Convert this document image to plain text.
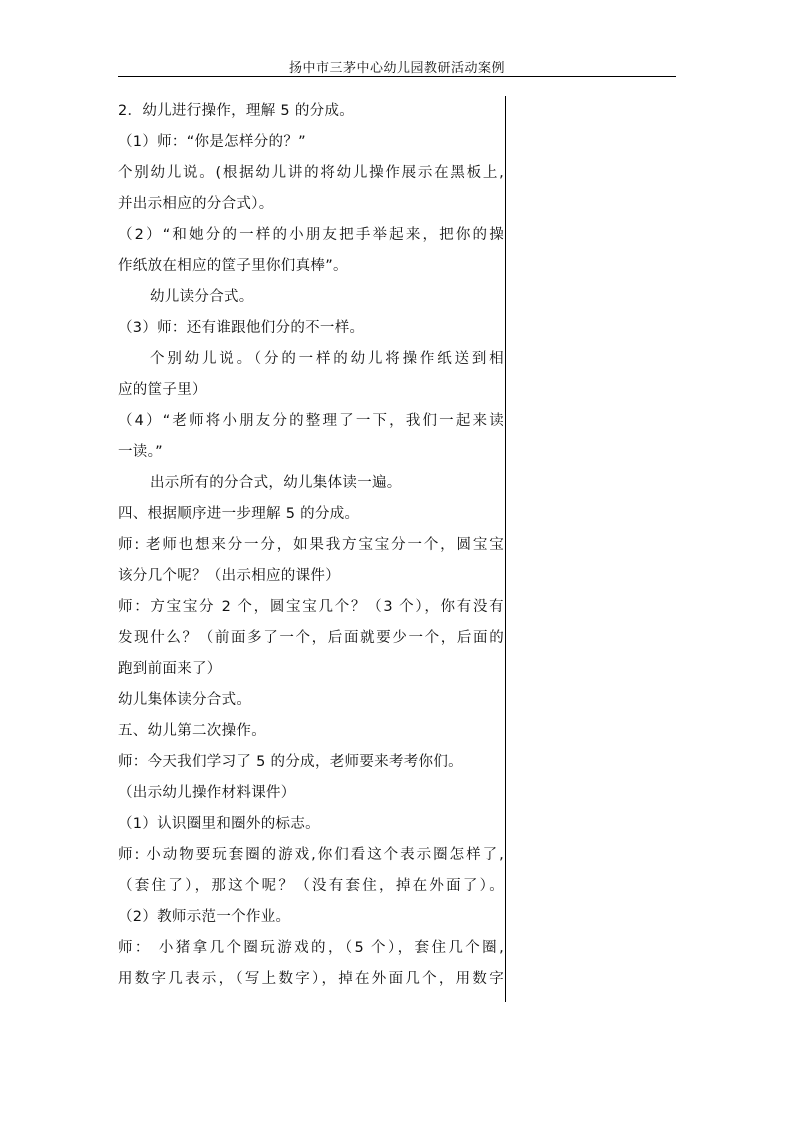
扬中市三茅中心幼儿园教研活动案例
2．幼儿进行操作，理解 5 的分成。
（1）师：“你是怎样分的？”
个别幼儿说。(根据幼儿讲的将幼儿操作展示在黑板上,
并出示相应的分合式）。
（2）“和她分的一样的小朋友把手举起来，把你的操
作纸放在相应的筐子里你们真棒”。
幼儿读分合式。
（3）师：还有谁跟他们分的不一样。
个别幼儿说。（分的一样的幼儿将操作纸送到相
应的筐子里）
（4）“老师将小朋友分的整理了一下，我们一起来读
一读。”
出示所有的分合式，幼儿集体读一遍。
四、根据顺序进一步理解 5 的分成。
师: 老师也想来分一分，如果我方宝宝分一个，圆宝宝
该分几个呢？（出示相应的课件）
师：方宝宝分 2 个，圆宝宝几个？（3 个），你有没有
发现什么？（前面多了一个，后面就要少一个，后面的
跑到前面来了）
幼儿集体读分合式。
五、幼儿第二次操作。
师：今天我们学习了 5 的分成，老师要来考考你们。
（出示幼儿操作材料课件）
（1）认识圈里和圈外的标志。
师: 小动物要玩套圈的游戏,你们看这个表示圈怎样了,
（套住了），那这个呢？（没有套住，掉在外面了）。
（2）教师示范一个作业。
师： 小猪拿几个圈玩游戏的，（5 个），套住几个圈,
用数字几表示，（写上数字），掉在外面几个，用数字
